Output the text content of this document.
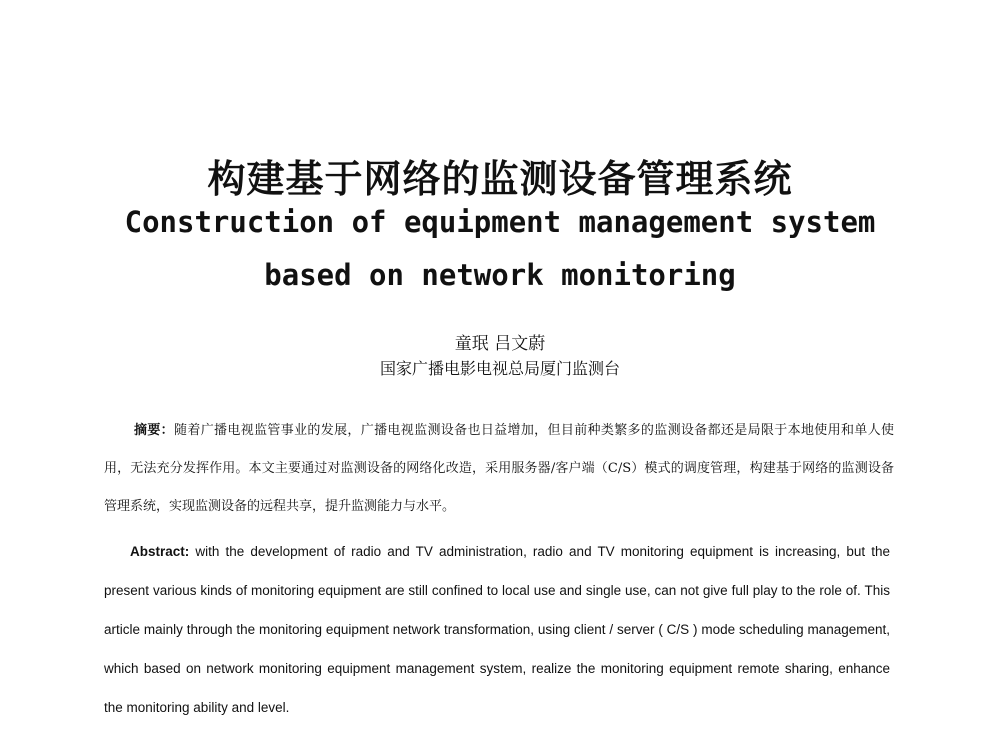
构建基于网络的监测设备管理系统
Construction of equipment management system
based on network monitoring
童珉 吕文蔚
国家广播电影电视总局厦门监测台

摘要：随着广播电视监管事业的发展，广播电视监测设备也日益增加，但目前种类繁多的监测设备都还是局限于本地使用和单人使用，无法充分发挥作用。本文主要通过对监测设备的网络化改造，采用服务器/客户端（C/S）模式的调度管理，构建基于网络的监测设备管理系统，实现监测设备的远程共享，提升监测能力与水平。

Abstract: with the development of radio and TV administration, radio and TV monitoring equipment is increasing, but the present various kinds of monitoring equipment are still confined to local use and single use, can not give full play to the role of. This article mainly through the monitoring equipment network transformation, using client / server ( C/S ) mode scheduling management, which based on network monitoring equipment management system, realize the monitoring equipment remote sharing, enhance the monitoring ability and level.
